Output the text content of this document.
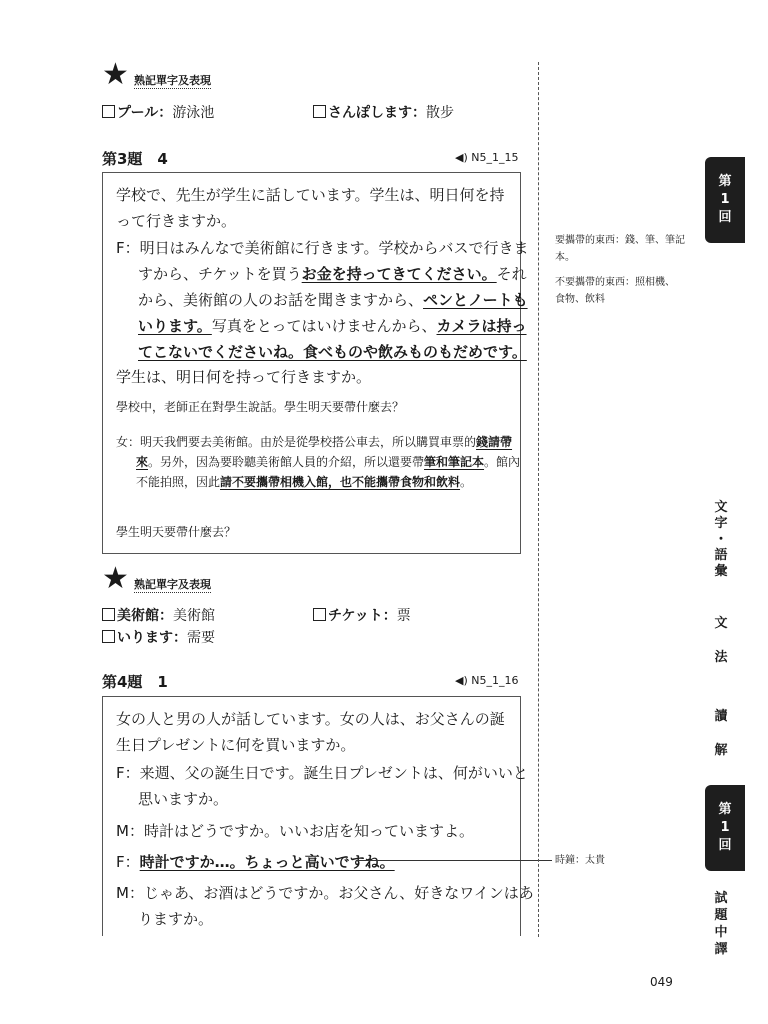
★ 熟記單字及表現
プール：游泳池	さんぽします：散步
第3題　4	◀) N5_1_15
学校で、先生が学生に話しています。学生は、明日何を持って行きますか。
F：明日はみんなで美術館に行きます。学校からバスで行きますから、チケットを買うお金を持ってきてください。それから、美術館の人のお話を聞きますから、ペンとノートもいります。写真をとってはいけませんから、カメラは持ってこないでくださいね。食べものや飲みものもだめです。
学生は、明日何を持って行きますか。
學校中，老師正在對學生說話。學生明天要帶什麼去？
女：明天我們要去美術館。由於是從學校搭公車去，所以購買車票的錢請帶來。另外，因為要聆聽美術館人員的介紹，所以還要帶筆和筆記本。館內不能拍照，因此請不要攜帶相機入館，也不能攜帶食物和飲料。
學生明天要帶什麼去？
★ 熟記單字及表現
美術館：美術館	チケット：票
いります：需要
第4題　1	◀) N5_1_16
女の人と男の人が話しています。女の人は、お父さんの誕生日プレゼントに何を買いますか。
F：来週、父の誕生日です。誕生日プレゼントは、何がいいと思いますか。
M：時計はどうですか。いいお店を知っていますよ。
F：時計ですか…。ちょっと高いですね。
M：じゃあ、お酒はどうですか。お父さん、好きなワインはありますか。
要攜帶的東西：錢、筆、筆記本。
不要攜帶的東西：照相機、食物、飲料
時鐘：太貴
第
1
回
第
1
回
文
字
・
語
彙
文
法
讀
解
試
題
中
譯
049
